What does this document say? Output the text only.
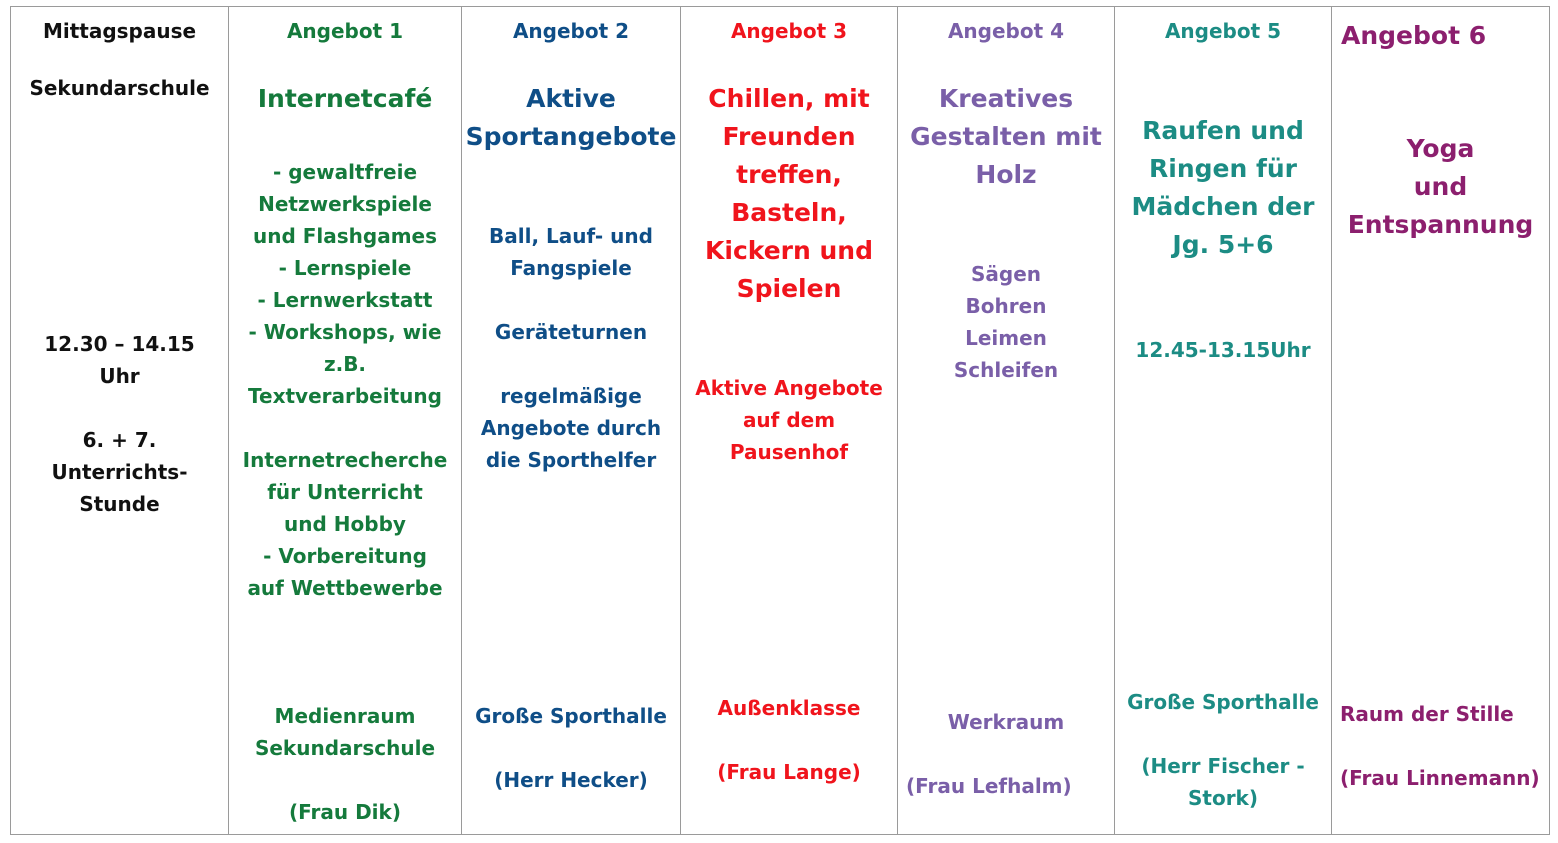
Mittagspause
Sekundarschule
12.30 – 14.15
Uhr
6. + 7.
Unterrichts-
Stunde
Angebot 1
Internetcafé
- gewaltfreie
Netzwerkspiele
und Flashgames
- Lernspiele
- Lernwerkstatt
- Workshops, wie
z.B.
Textverarbeitung
Internetrecherche
für Unterricht
und Hobby
- Vorbereitung
auf Wettbewerbe
Medienraum
Sekundarschule
(Frau Dik)
Angebot 2
Aktive
Sportangebote
Ball, Lauf- und
Fangspiele
Geräteturnen
regelmäßige
Angebote durch
die Sporthelfer
Große Sporthalle
(Herr Hecker)
Angebot 3
Chillen, mit
Freunden
treffen,
Basteln,
Kickern und
Spielen
Aktive Angebote
auf dem
Pausenhof
Außenklasse
(Frau Lange)
Angebot 4
Kreatives
Gestalten mit
Holz
Sägen
Bohren
Leimen
Schleifen
Werkraum
(Frau Lefhalm)
Angebot 5
Raufen und
Ringen für
Mädchen der
Jg. 5+6
12.45-13.15Uhr
Große Sporthalle
(Herr Fischer -
Stork)
Angebot 6
Yoga
und
Entspannung
Raum der Stille
(Frau Linnemann)
